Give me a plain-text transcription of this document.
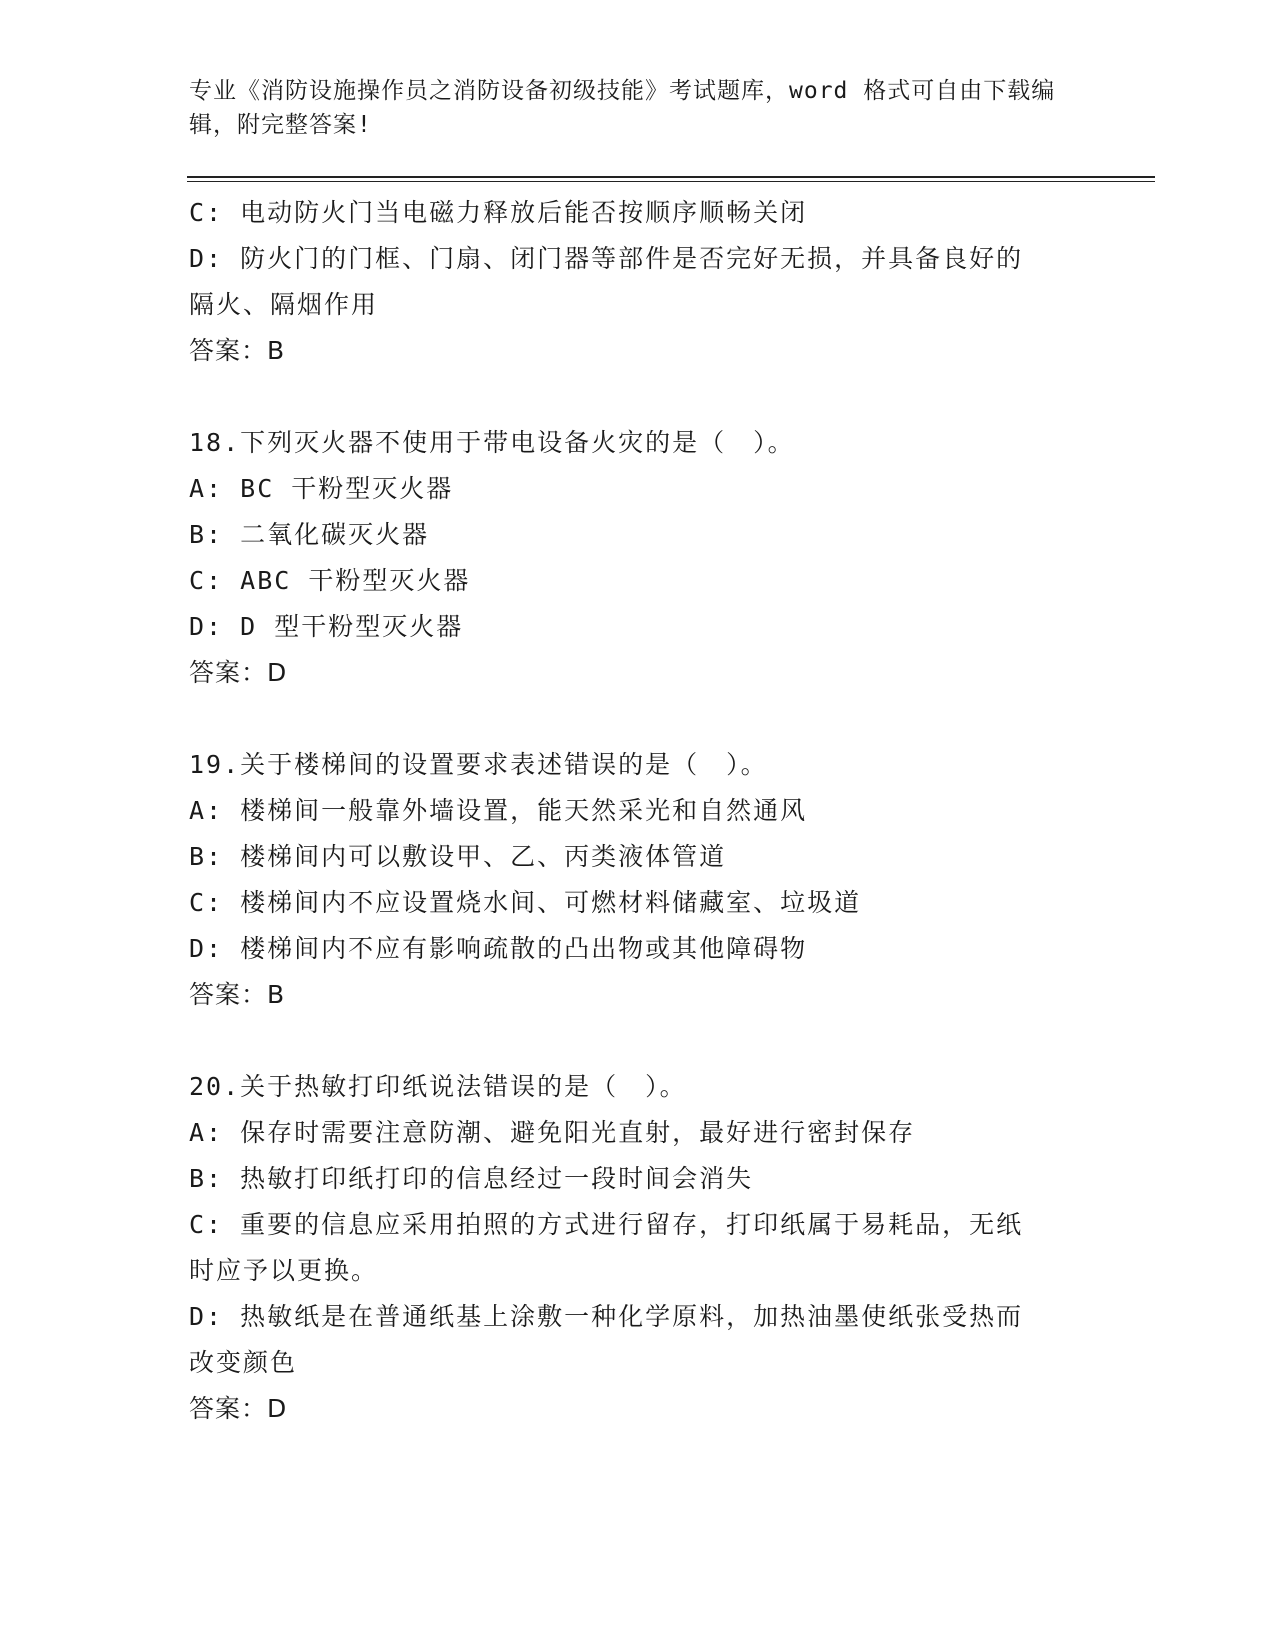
专业《消防设施操作员之消防设备初级技能》考试题库，word 格式可自由下载编
辑，附完整答案!
C: 电动防火门当电磁力释放后能否按顺序顺畅关闭
D: 防火门的门框、门扇、闭门器等部件是否完好无损，并具备良好的
隔火、隔烟作用
答案：B
18.下列灭火器不使用于带电设备火灾的是（　）。
A: BC 干粉型灭火器
B: 二氧化碳灭火器
C: ABC 干粉型灭火器
D: D 型干粉型灭火器
答案：D
19.关于楼梯间的设置要求表述错误的是（　）。
A: 楼梯间一般靠外墙设置，能天然采光和自然通风
B: 楼梯间内可以敷设甲、乙、丙类液体管道
C: 楼梯间内不应设置烧水间、可燃材料储藏室、垃圾道
D: 楼梯间内不应有影响疏散的凸出物或其他障碍物
答案：B
20.关于热敏打印纸说法错误的是（　）。
A: 保存时需要注意防潮、避免阳光直射，最好进行密封保存
B: 热敏打印纸打印的信息经过一段时间会消失
C: 重要的信息应采用拍照的方式进行留存，打印纸属于易耗品，无纸
时应予以更换。
D: 热敏纸是在普通纸基上涂敷一种化学原料，加热油墨使纸张受热而
改变颜色
答案：D
